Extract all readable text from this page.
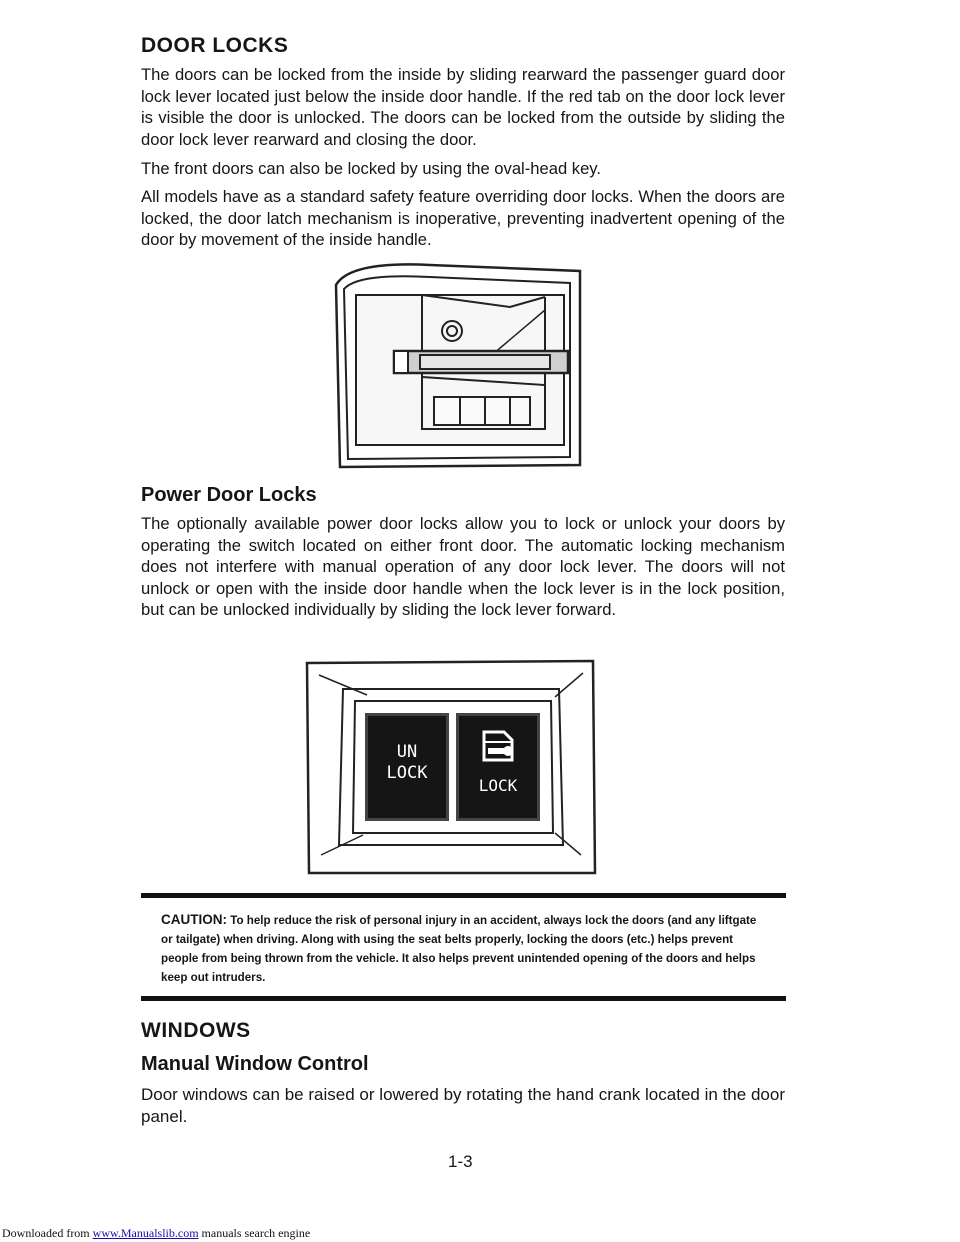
DOOR LOCKS

The doors can be locked from the inside by sliding rearward the passenger guard door lock lever located just below the inside door handle. If the red tab on the door lock lever is visible the door is unlocked. The doors can be locked from the outside by sliding the door lock lever rearward and closing the door.

The front doors can also be locked by using the oval-head key.

All models have as a standard safety feature overriding door locks. When the doors are locked, the door latch mechanism is inoperative, preventing inadvertent opening of the door by movement of the inside handle.

Power Door Locks

The optionally available power door locks allow you to lock or unlock your doors by operating the switch located on either front door. The automatic locking mechanism does not interfere with manual operation of any door lock lever. The doors will not unlock or open with the inside door handle when the lock lever is in the lock position, but can be unlocked individually by sliding the lock lever forward.

UN
LOCK
LOCK

CAUTION: To help reduce the risk of personal injury in an accident, always lock the doors (and any liftgate or tailgate) when driving. Along with using the seat belts properly, locking the doors (etc.) helps prevent people from being thrown from the vehicle. It also helps prevent unintended opening of the doors and helps keep out intruders.

WINDOWS
Manual Window Control

Door windows can be raised or lowered by rotating the hand crank located in the door panel.

1-3
Downloaded from www.Manualslib.com manuals search engine
